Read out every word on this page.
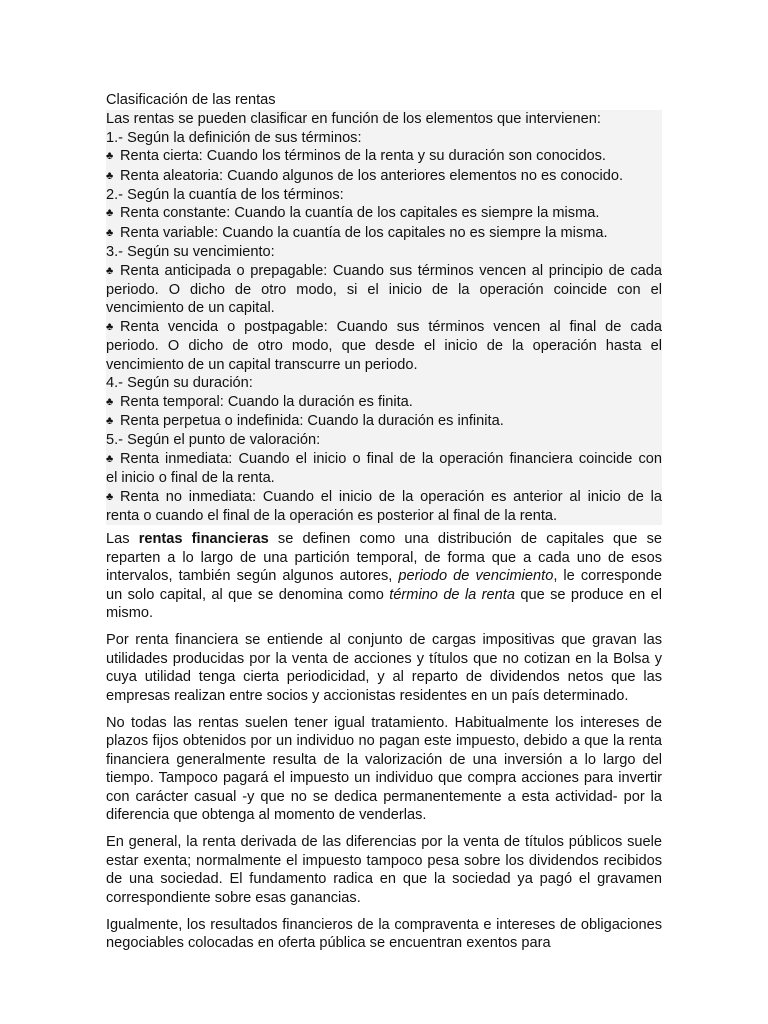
Clasificación de las rentas
Las rentas se pueden clasificar en función de los elementos que intervienen:
1.- Según la definición de sus términos:
♣ Renta cierta: Cuando los términos de la renta y su duración son conocidos.
♣ Renta aleatoria: Cuando algunos de los anteriores elementos no es conocido.
2.- Según la cuantía de los términos:
♣ Renta constante: Cuando la cuantía de los capitales es siempre la misma.
♣ Renta variable: Cuando la cuantía de los capitales no es siempre la misma.
3.- Según su vencimiento:
♣ Renta anticipada o prepagable: Cuando sus términos vencen al principio de cada
periodo. O dicho de otro modo, si el inicio de la operación coincide con el
vencimiento de un capital.
♣ Renta vencida o postpagable: Cuando sus términos vencen al final de cada
periodo. O dicho de otro modo, que desde el inicio de la operación hasta el
vencimiento de un capital transcurre un periodo.
4.- Según su duración:
♣ Renta temporal: Cuando la duración es finita.
♣ Renta perpetua o indefinida: Cuando la duración es infinita.
5.- Según el punto de valoración:
♣ Renta inmediata: Cuando el inicio o final de la operación financiera coincide con
el inicio o final de la renta.
♣ Renta no inmediata: Cuando el inicio de la operación es anterior al inicio de la
renta o cuando el final de la operación es posterior al final de la renta.

Las rentas financieras se definen como una distribución de capitales que se reparten a lo largo de una partición temporal, de forma que a cada uno de esos intervalos, también según algunos autores, periodo de vencimiento, le corresponde un solo capital, al que se denomina como término de la renta que se produce en el mismo.

Por renta financiera se entiende al conjunto de cargas impositivas que gravan las utilidades producidas por la venta de acciones y títulos que no cotizan en la Bolsa y cuya utilidad tenga cierta periodicidad, y al reparto de dividendos netos que las empresas realizan entre socios y accionistas residentes en un país determinado.

No todas las rentas suelen tener igual tratamiento. Habitualmente los intereses de plazos fijos obtenidos por un individuo no pagan este impuesto, debido a que la renta financiera generalmente resulta de la valorización de una inversión a lo largo del tiempo. Tampoco pagará el impuesto un individuo que compra acciones para invertir con carácter casual -y que no se dedica permanentemente a esta actividad- por la diferencia que obtenga al momento de venderlas.

En general, la renta derivada de las diferencias por la venta de títulos públicos suele estar exenta; normalmente el impuesto tampoco pesa sobre los dividendos recibidos de una sociedad. El fundamento radica en que la sociedad ya pagó el gravamen correspondiente sobre esas ganancias.

Igualmente, los resultados financieros de la compraventa e intereses de obligaciones negociables colocadas en oferta pública se encuentran exentos para
